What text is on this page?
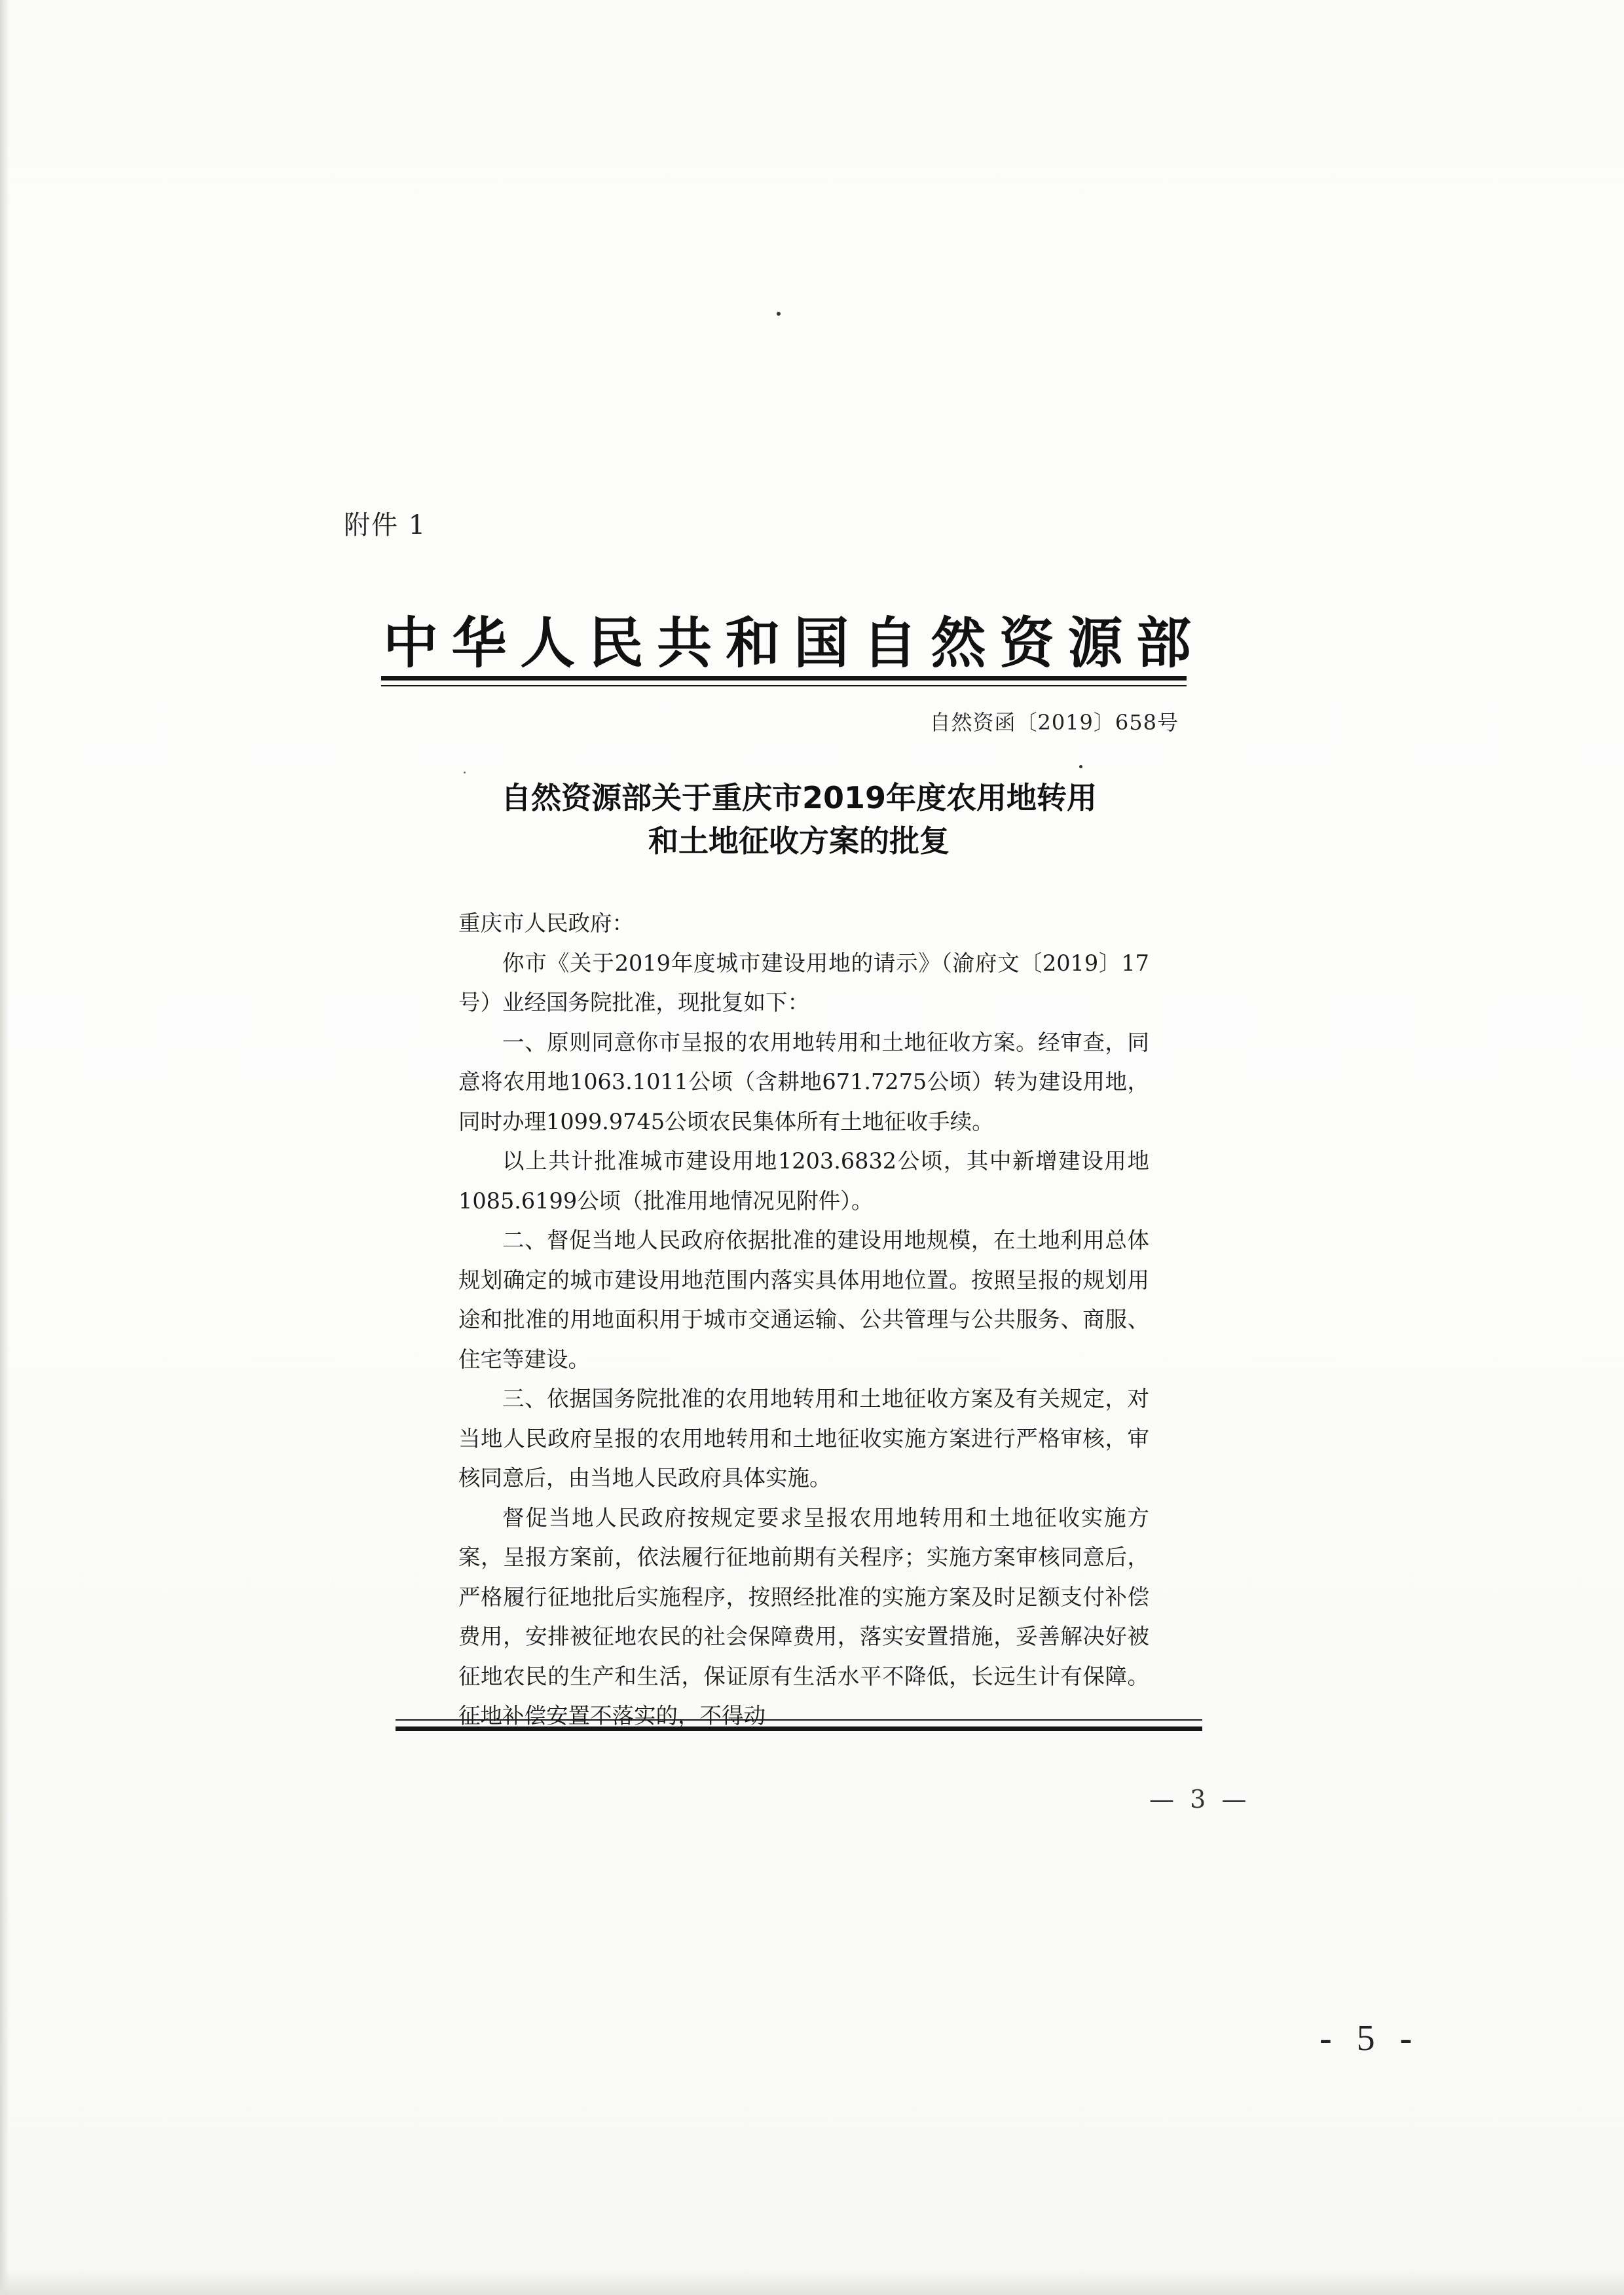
附件 1
中华人民共和国自然资源部
自然资函〔2019〕658号
自然资源部关于重庆市2019年度农用地转用
和土地征收方案的批复

重庆市人民政府：

你市《关于2019年度城市建设用地的请示》（渝府文〔2019〕17号）业经国务院批准，现批复如下：

一、原则同意你市呈报的农用地转用和土地征收方案。经审查，同意将农用地1063.1011公顷（含耕地671.7275公顷）转为建设用地，同时办理1099.9745公顷农民集体所有土地征收手续。

以上共计批准城市建设用地1203.6832公顷，其中新增建设用地1085.6199公顷（批准用地情况见附件）。

二、督促当地人民政府依据批准的建设用地规模，在土地利用总体规划确定的城市建设用地范围内落实具体用地位置。按照呈报的规划用途和批准的用地面积用于城市交通运输、公共管理与公共服务、商服、住宅等建设。

三、依据国务院批准的农用地转用和土地征收方案及有关规定，对当地人民政府呈报的农用地转用和土地征收实施方案进行严格审核，审核同意后，由当地人民政府具体实施。

督促当地人民政府按规定要求呈报农用地转用和土地征收实施方案，呈报方案前，依法履行征地前期有关程序；实施方案审核同意后，严格履行征地批后实施程序，按照经批准的实施方案及时足额支付补偿费用，安排被征地农民的社会保障费用，落实安置措施，妥善解决好被征地农民的生产和生活，保证原有生活水平不降低，长远生计有保障。征地补偿安置不落实的，不得动

— 3 —
- 5 -
